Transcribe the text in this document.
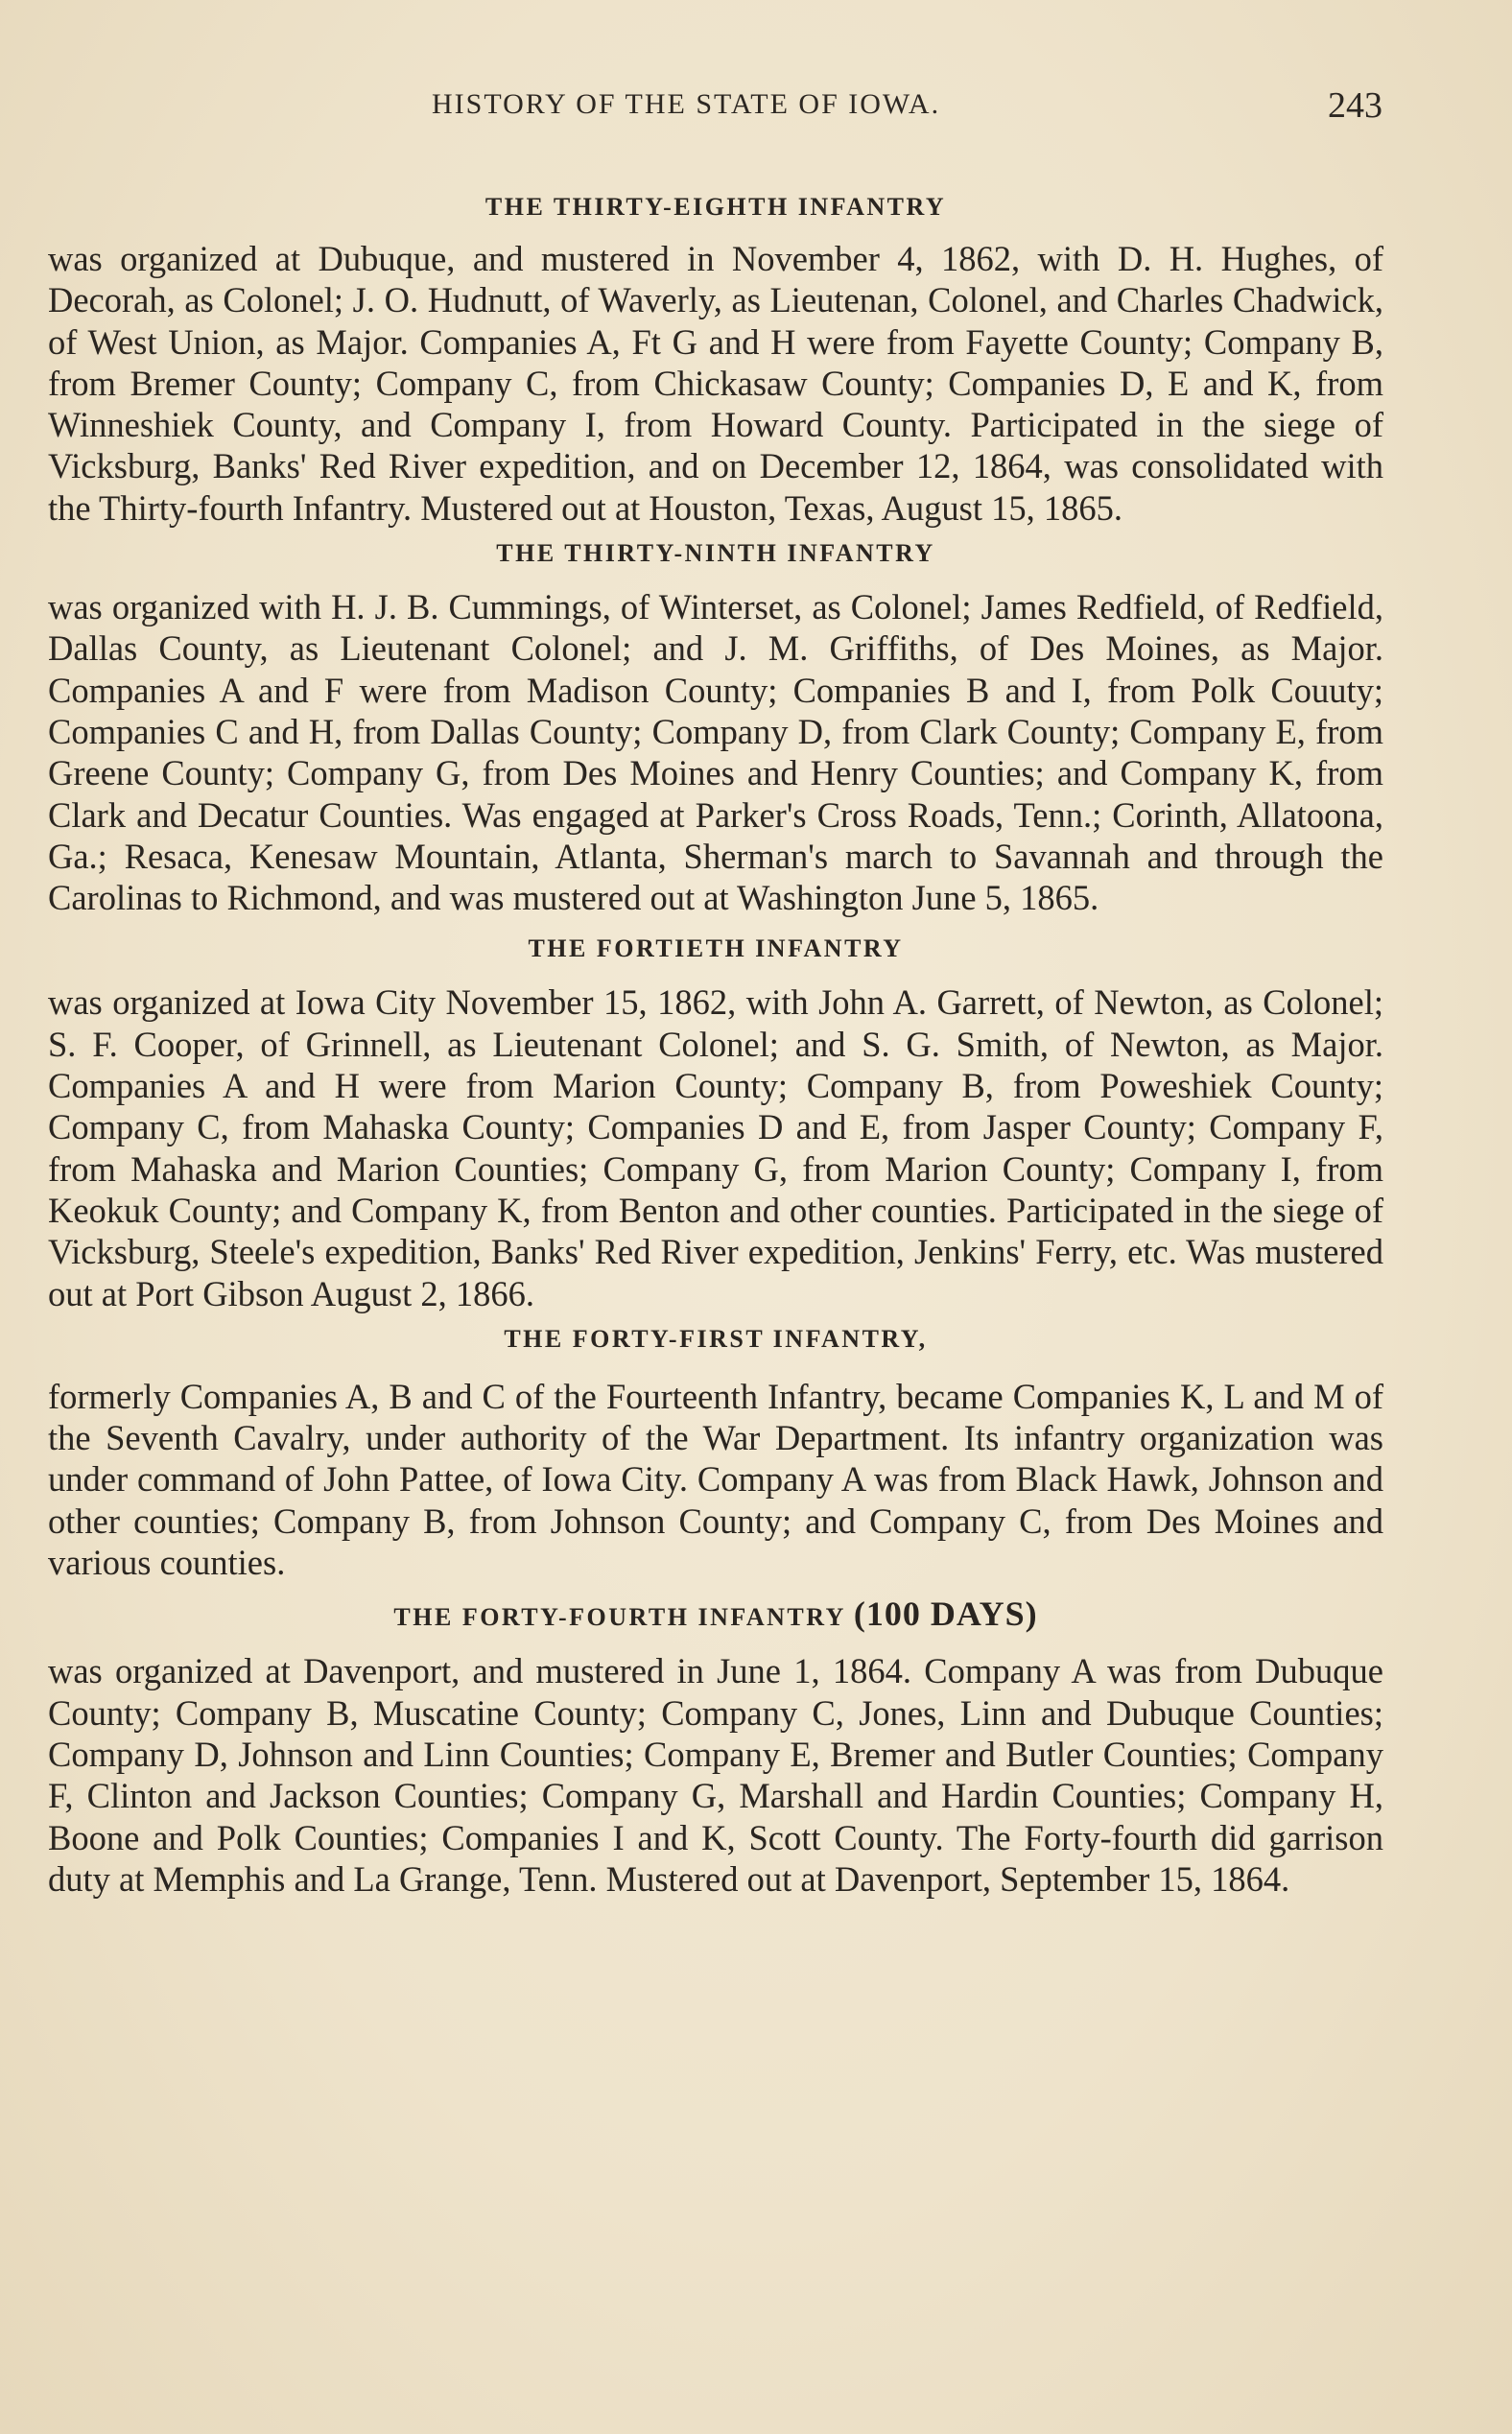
HISTORY OF THE STATE OF IOWA.	243
THE THIRTY-EIGHTH INFANTRY

was organized at Dubuque, and mustered in November 4, 1862, with D. H. Hughes, of Decorah, as Colonel; J. O. Hudnutt, of Waverly, as Lieutenan, Colonel, and Charles Chadwick, of West Union, as Major. Companies A, Ft G and H were from Fayette County; Company B, from Bremer County; Company C, from Chickasaw County; Companies D, E and K, from Winneshiek County, and Company I, from Howard County. Participated in the siege of Vicksburg, Banks' Red River expedition, and on December 12, 1864, was consolidated with the Thirty-fourth Infantry. Mustered out at Houston, Texas, August 15, 1865.

THE THIRTY-NINTH INFANTRY

was organized with H. J. B. Cummings, of Winterset, as Colonel; James Redfield, of Redfield, Dallas County, as Lieutenant Colonel; and J. M. Griffiths, of Des Moines, as Major. Companies A and F were from Madison County; Companies B and I, from Polk Couuty; Companies C and H, from Dallas County; Company D, from Clark County; Company E, from Greene County; Company G, from Des Moines and Henry Counties; and Company K, from Clark and Decatur Counties. Was engaged at Parker's Cross Roads, Tenn.; Corinth, Allatoona, Ga.; Resaca, Kenesaw Mountain, Atlanta, Sherman's march to Savannah and through the Carolinas to Richmond, and was mustered out at Washington June 5, 1865.

THE FORTIETH INFANTRY

was organized at Iowa City November 15, 1862, with John A. Garrett, of Newton, as Colonel; S. F. Cooper, of Grinnell, as Lieutenant Colonel; and S. G. Smith, of Newton, as Major. Companies A and H were from Marion County; Company B, from Poweshiek County; Company C, from Mahaska County; Companies D and E, from Jasper County; Company F, from Mahaska and Marion Counties; Company G, from Marion County; Company I, from Keokuk County; and Company K, from Benton and other counties. Participated in the siege of Vicksburg, Steele's expedition, Banks' Red River expedition, Jenkins' Ferry, etc. Was mustered out at Port Gibson August 2, 1866.

THE FORTY-FIRST INFANTRY,

formerly Companies A, B and C of the Fourteenth Infantry, became Companies K, L and M of the Seventh Cavalry, under authority of the War Department. Its infantry organization was under command of John Pattee, of Iowa City. Company A was from Black Hawk, Johnson and other counties; Company B, from Johnson County; and Company C, from Des Moines and various counties.

THE FORTY-FOURTH INFANTRY (100 DAYS)

was organized at Davenport, and mustered in June 1, 1864. Company A was from Dubuque County; Company B, Muscatine County; Company C, Jones, Linn and Dubuque Counties; Company D, Johnson and Linn Counties; Company E, Bremer and Butler Counties; Company F, Clinton and Jackson Counties; Company G, Marshall and Hardin Counties; Company H, Boone and Polk Counties; Companies I and K, Scott County. The Forty-fourth did garrison duty at Memphis and La Grange, Tenn. Mustered out at Davenport, September 15, 1864.
